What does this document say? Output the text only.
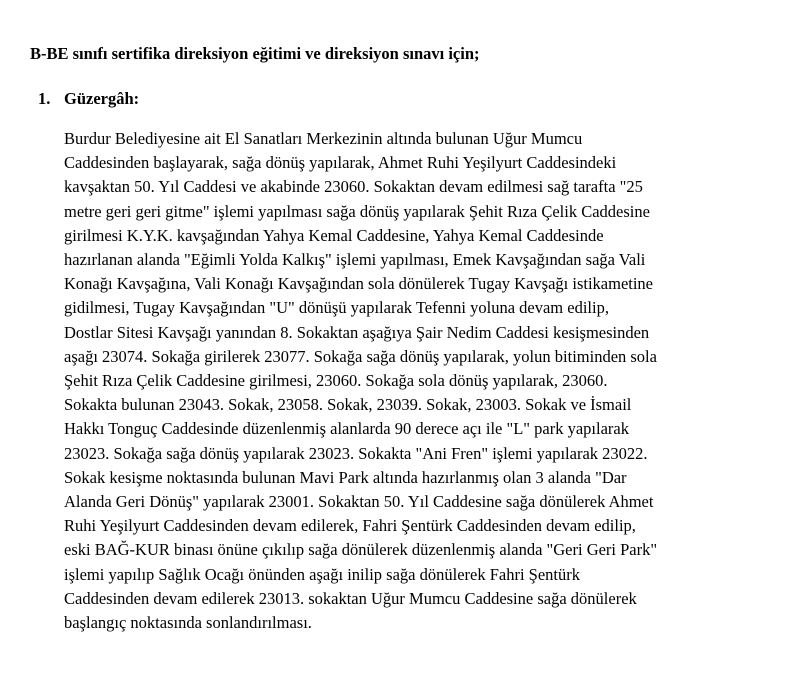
B-BE sınıfı sertifika direksiyon eğitimi ve direksiyon sınavı için;
1. Güzergâh:
Burdur Belediyesine ait El Sanatları Merkezinin altında bulunan Uğur Mumcu
Caddesinden başlayarak, sağa dönüş yapılarak, Ahmet Ruhi Yeşilyurt Caddesindeki
kavşaktan 50. Yıl Caddesi ve akabinde 23060. Sokaktan devam edilmesi sağ tarafta "25
metre geri geri gitme" işlemi yapılması sağa dönüş yapılarak Şehit Rıza Çelik Caddesine
girilmesi K.Y.K. kavşağından Yahya Kemal Caddesine, Yahya Kemal Caddesinde
hazırlanan alanda "Eğimli Yolda Kalkış" işlemi yapılması, Emek Kavşağından sağa Vali
Konağı Kavşağına, Vali Konağı Kavşağından sola dönülerek Tugay Kavşağı istikametine
gidilmesi, Tugay Kavşağından "U" dönüşü yapılarak Tefenni yoluna devam edilip,
Dostlar Sitesi Kavşağı yanından 8. Sokaktan aşağıya Şair Nedim Caddesi kesişmesinden
aşağı 23074. Sokağa girilerek 23077. Sokağa sağa dönüş yapılarak, yolun bitiminden sola
Şehit Rıza Çelik Caddesine girilmesi, 23060. Sokağa sola dönüş yapılarak, 23060.
Sokakta bulunan 23043. Sokak, 23058. Sokak, 23039. Sokak, 23003. Sokak ve İsmail
Hakkı Tonguç Caddesinde düzenlenmiş alanlarda 90 derece açı ile "L" park yapılarak
23023. Sokağa sağa dönüş yapılarak 23023. Sokakta "Ani Fren" işlemi yapılarak 23022.
Sokak kesişme noktasında bulunan Mavi Park altında hazırlanmış olan 3 alanda "Dar
Alanda Geri Dönüş" yapılarak 23001. Sokaktan 50. Yıl Caddesine sağa dönülerek Ahmet
Ruhi Yeşilyurt Caddesinden devam edilerek, Fahri Şentürk Caddesinden devam edilip,
eski BAĞ-KUR binası önüne çıkılıp sağa dönülerek düzenlenmiş alanda "Geri Geri Park"
işlemi yapılıp Sağlık Ocağı önünden aşağı inilip sağa dönülerek Fahri Şentürk
Caddesinden devam edilerek 23013. sokaktan Uğur Mumcu Caddesine sağa dönülerek
başlangıç noktasında sonlandırılması.
